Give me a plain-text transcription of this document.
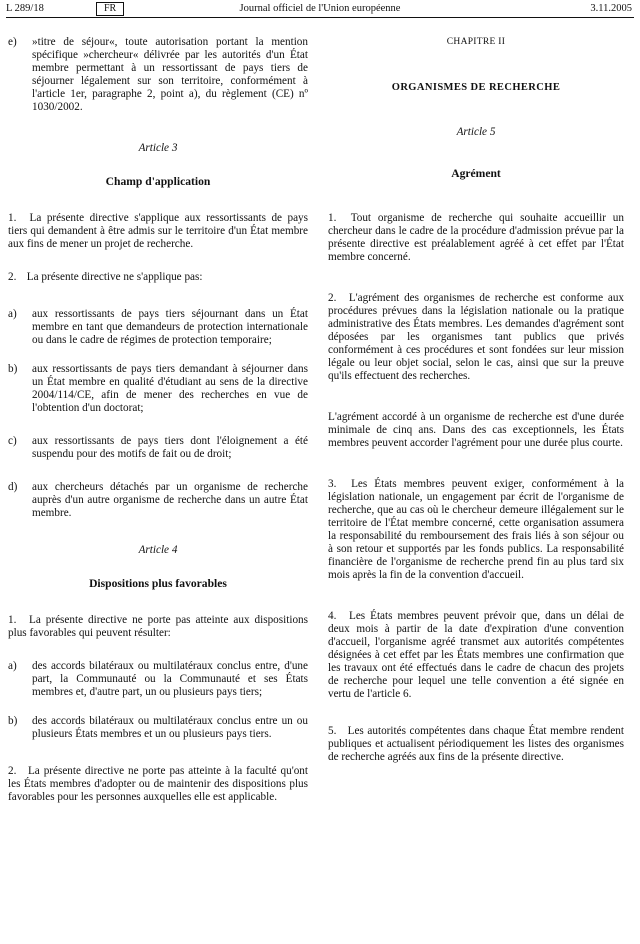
L 289/18	FR	Journal officiel de l'Union européenne	3.11.2005
e)	»titre de séjour«, toute autorisation portant la mention spécifique »chercheur« délivrée par les autorités d'un État membre permettant à un ressortissant de pays tiers de séjourner légalement sur son territoire, conformément à l'article 1er, paragraphe 2, point a), du règlement (CE) nº 1030/2002.

Article 3

Champ d'application

1. La présente directive s'applique aux ressortissants de pays tiers qui demandent à être admis sur le territoire d'un État membre aux fins de mener un projet de recherche.

2. La présente directive ne s'applique pas:

a)	aux ressortissants de pays tiers séjournant dans un État membre en tant que demandeurs de protection internationale ou dans le cadre de régimes de protection temporaire;
b)	aux ressortissants de pays tiers demandant à séjourner dans un État membre en qualité d'étudiant au sens de la directive 2004/114/CE, afin de mener des recherches en vue de l'obtention d'un doctorat;
c)	aux ressortissants de pays tiers dont l'éloignement a été suspendu pour des motifs de fait ou de droit;
d)	aux chercheurs détachés par un organisme de recherche auprès d'un autre organisme de recherche dans un autre État membre.

Article 4

Dispositions plus favorables

1. La présente directive ne porte pas atteinte aux dispositions plus favorables qui peuvent résulter:

a)	des accords bilatéraux ou multilatéraux conclus entre, d'une part, la Communauté ou la Communauté et ses États membres et, d'autre part, un ou plusieurs pays tiers;
b)	des accords bilatéraux ou multilatéraux conclus entre un ou plusieurs États membres et un ou plusieurs pays tiers.

2. La présente directive ne porte pas atteinte à la faculté qu'ont les États membres d'adopter ou de maintenir des dispositions plus favorables pour les personnes auxquelles elle est applicable.

CHAPITRE II

ORGANISMES DE RECHERCHE

Article 5

Agrément

1. Tout organisme de recherche qui souhaite accueillir un chercheur dans le cadre de la procédure d'admission prévue par la présente directive est préalablement agréé à cet effet par l'État membre concerné.

2. L'agrément des organismes de recherche est conforme aux procédures prévues dans la législation nationale ou la pratique administrative des États membres. Les demandes d'agrément sont déposées par les organismes tant publics que privés conformément à ces procédures et sont fondées sur leur mission légale ou leur objet social, selon le cas, ainsi que sur la preuve qu'ils effectuent des recherches.

L'agrément accordé à un organisme de recherche est d'une durée minimale de cinq ans. Dans des cas exceptionnels, les États membres peuvent accorder l'agrément pour une durée plus courte.

3. Les États membres peuvent exiger, conformément à la législation nationale, un engagement par écrit de l'organisme de recherche, que au cas où le chercheur demeure illégalement sur le territoire de l'État membre concerné, cette organisation assumera la responsabilité du remboursement des frais liés à son séjour ou à son retour et supportés par les fonds publics. La responsabilité financière de l'organisme de recherche prend fin au plus tard six mois après la fin de la convention d'accueil.

4. Les États membres peuvent prévoir que, dans un délai de deux mois à partir de la date d'expiration d'une convention d'accueil, l'organisme agréé transmet aux autorités compétentes désignées à cet effet par les États membres une confirmation que les travaux ont été effectués dans le cadre de chacun des projets de recherche pour lequel une telle convention a été signée en vertu de l'article 6.

5. Les autorités compétentes dans chaque État membre rendent publiques et actualisent périodiquement les listes des organismes de recherche agréés aux fins de la présente directive.
